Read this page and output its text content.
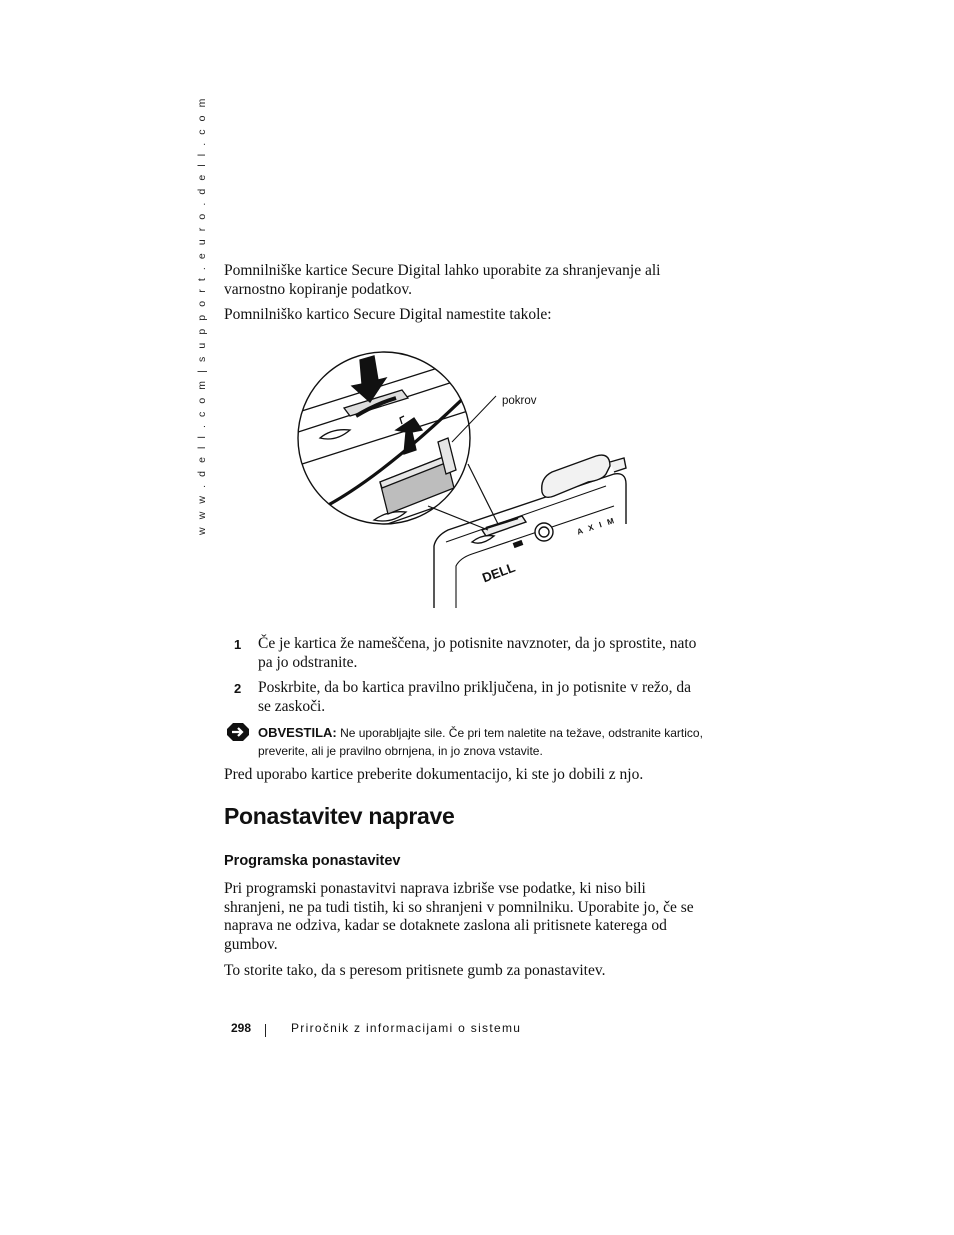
w w w . d e l l . c o m | s u p p o r t . e u r o . d e l l . c o m	Pomnilniške kartice Secure Digital lahko uporabite za shranjevanje ali varnostno kopiranje podatkov.
Pomnilniško kartico Secure Digital namestite takole:
DELL
A X I M
pokrov
1 Če je kartica že nameščena, jo potisnite navznoter, da jo sprostite, nato pa jo odstranite.
2 Poskrbite, da bo kartica pravilno priključena, in jo potisnite v režo, da se zaskoči.
OBVESTILA: Ne uporabljajte sile. Če pri tem naletite na težave, odstranite kartico, preverite, ali je pravilno obrnjena, in jo znova vstavite.
Pred uporabo kartice preberite dokumentacijo, ki ste jo dobili z njo.
Ponastavitev naprave
Programska ponastavitev
Pri programski ponastavitvi naprava izbriše vse podatke, ki niso bili shranjeni, ne pa tudi tistih, ki so shranjeni v pomnilniku. Uporabite jo, če se naprava ne odziva, kadar se dotaknete zaslona ali pritisnete katerega od gumbov.
To storite tako, da s peresom pritisnete gumb za ponastavitev.
298	Priročnik z informacijami o sistemu
